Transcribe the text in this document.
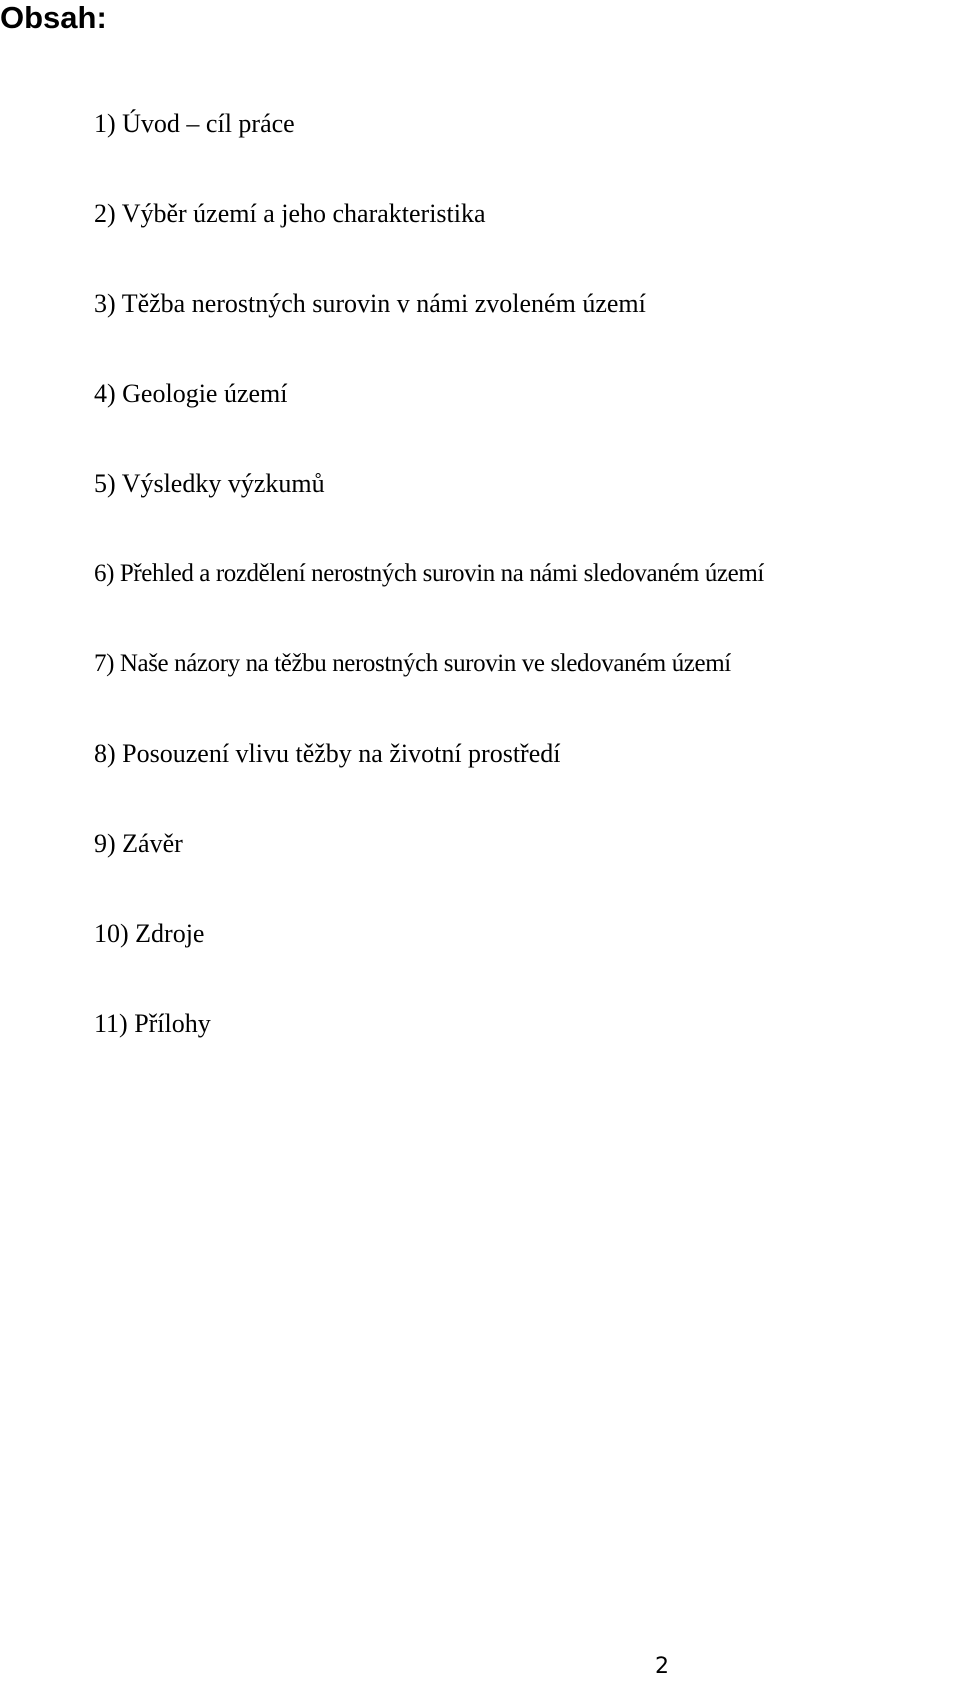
Obsah:
1) Úvod – cíl práce
2) Výběr území a jeho charakteristika
3) Těžba nerostných surovin v námi zvoleném území
4) Geologie území
5) Výsledky výzkumů
6) Přehled a rozdělení nerostných surovin na námi sledovaném území
7) Naše názory na těžbu nerostných surovin ve sledovaném území
8) Posouzení vlivu těžby na životní prostředí
9) Závěr
10) Zdroje
11) Přílohy
2
